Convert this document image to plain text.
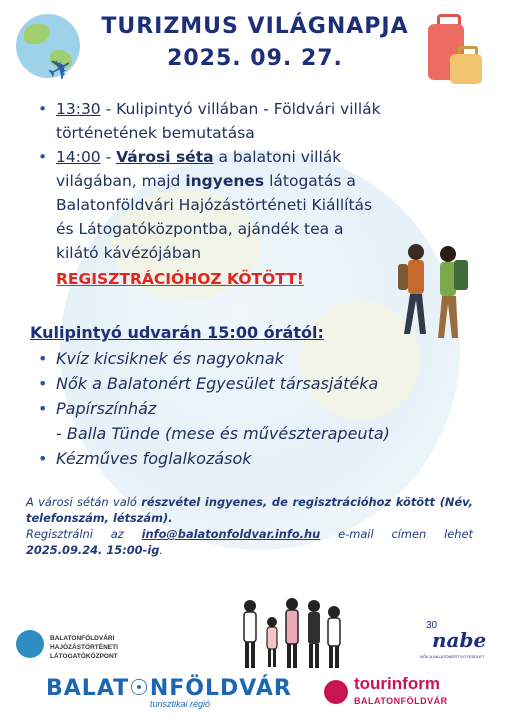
✈
TURIZMUS VILÁGNAPJA
2025. 09. 27.
• 13:30 - Kulipintyó villában - Földvári villák történetének bemutatása
• 14:00 - Városi séta a balatoni villák világában, majd ingyenes látogatás a Balatonföldvári Hajózástörténeti Kiállítás és Látogatóközpontba, ajándék tea a kilátó kávézójában
REGISZTRÁCIÓHOZ KÖTÖTT!
Kulipintyó udvarán 15:00 órától:
• Kvíz kicsiknek és nagyoknak
• Nők a Balatonért Egyesület társasjátéka
• Papírszínház
- Balla Tünde (mese és művészterapeuta)
• Kézműves foglalkozások
A városi sétán való részvétel ingyenes, de regisztrációhoz kötött (Név, telefonszám, létszám).
Regisztrálni az info@balatonfoldvar.info.hu e-mail címen lehet 2025.09.24. 15:00-ig.
BALATONFÖLDVÁRI HAJÓZÁSTÖRTÉNETI LÁTOGATÓKÖZPONT
30
nabe
NŐK A BALATONÉRT EGYESÜLET
BALAT☉NFÖLDVÁR
turisztikai régió
tourinform
BALATONFÖLDVÁR
